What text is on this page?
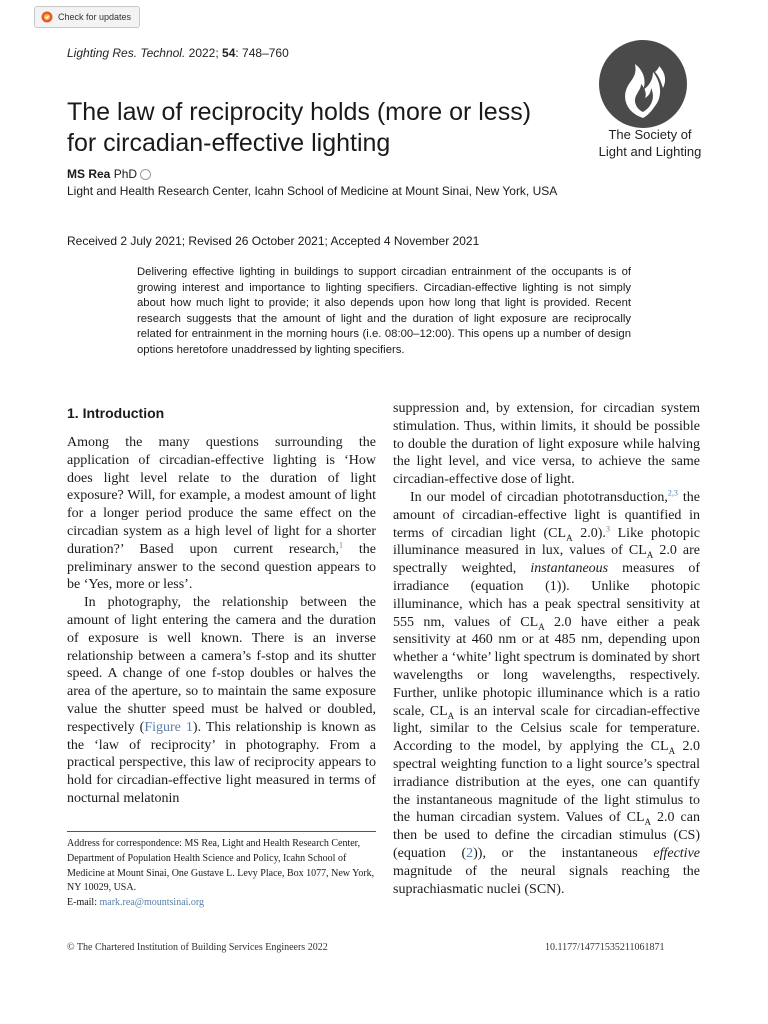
Check for updates
Lighting Res. Technol. 2022; 54: 748–760
The Society of
Light and Lighting
The law of reciprocity holds (more or less)
for circadian-effective lighting
MS Rea PhD
Light and Health Research Center, Icahn School of Medicine at Mount Sinai, New York, USA
Received 2 July 2021; Revised 26 October 2021; Accepted 4 November 2021
Delivering effective lighting in buildings to support circadian entrainment of the occupants is of growing interest and importance to lighting specifiers. Circadian-effective lighting is not simply about how much light to provide; it also depends upon how long that light is provided. Recent research suggests that the amount of light and the duration of light exposure are reciprocally related for entrainment in the morning hours (i.e. 08:00–12:00). This opens up a number of design options heretofore unaddressed by lighting specifiers.
1. Introduction

Among the many questions surrounding the application of circadian-effective lighting is ‘How does light level relate to the duration of light exposure? Will, for example, a modest amount of light for a longer period produce the same effect on the circadian system as a high level of light for a shorter duration?’ Based upon current research,$^1$ the preliminary answer to the second question appears to be ‘Yes, more or less’.

In photography, the relationship between the amount of light entering the camera and the duration of exposure is well known. There is an inverse relationship between a camera’s f-stop and its shutter speed. A change of one f-stop doubles or halves the area of the aperture, so to maintain the same exposure value the shutter speed must be halved or doubled, respectively (Figure 1). This relationship is known as the ‘law of reciprocity’ in photography. From a practical perspective, this law of reciprocity appears to hold for circadian-effective light measured in terms of nocturnal melatonin

suppression and, by extension, for circadian system stimulation. Thus, within limits, it should be possible to double the duration of light exposure while halving the light level, and vice versa, to achieve the same circadian-effective dose of light.

In our model of circadian phototransduction,$^{2,3}$ the amount of circadian-effective light is quantified in terms of circadian light ($CL_A$ 2.0).$^3$ Like photopic illuminance measured in lux, values of $CL_A$ 2.0 are spectrally weighted, instantaneous measures of irradiance (equation (1)). Unlike photopic illuminance, which has a peak spectral sensitivity at 555 nm, values of $CL_A$ 2.0 have either a peak sensitivity at 460 nm or at 485 nm, depending upon whether a ‘white’ light spectrum is dominated by short wavelengths or long wavelengths, respectively. Further, unlike photopic illuminance which is a ratio scale, $CL_A$ is an interval scale for circadian-effective light, similar to the Celsius scale for temperature. According to the model, by applying the $CL_A$ 2.0 spectral weighting function to a light source’s spectral irradiance distribution at the eyes, one can quantify the instantaneous magnitude of the light stimulus to the human circadian system. Values of $CL_A$ 2.0 can then be used to define the circadian stimulus (CS) (equation (2)), or the instantaneous effective magnitude of the neural signals reaching the suprachiasmatic nuclei (SCN).

Address for correspondence: MS Rea, Light and Health Research Center, Department of Population Health Science and Policy, Icahn School of Medicine at Mount Sinai, One Gustave L. Levy Place, Box 1077, New York, NY 10029, USA.
E-mail: mark.rea@mountsinai.org
© The Chartered Institution of Building Services Engineers 2022	10.1177/14771535211061871
